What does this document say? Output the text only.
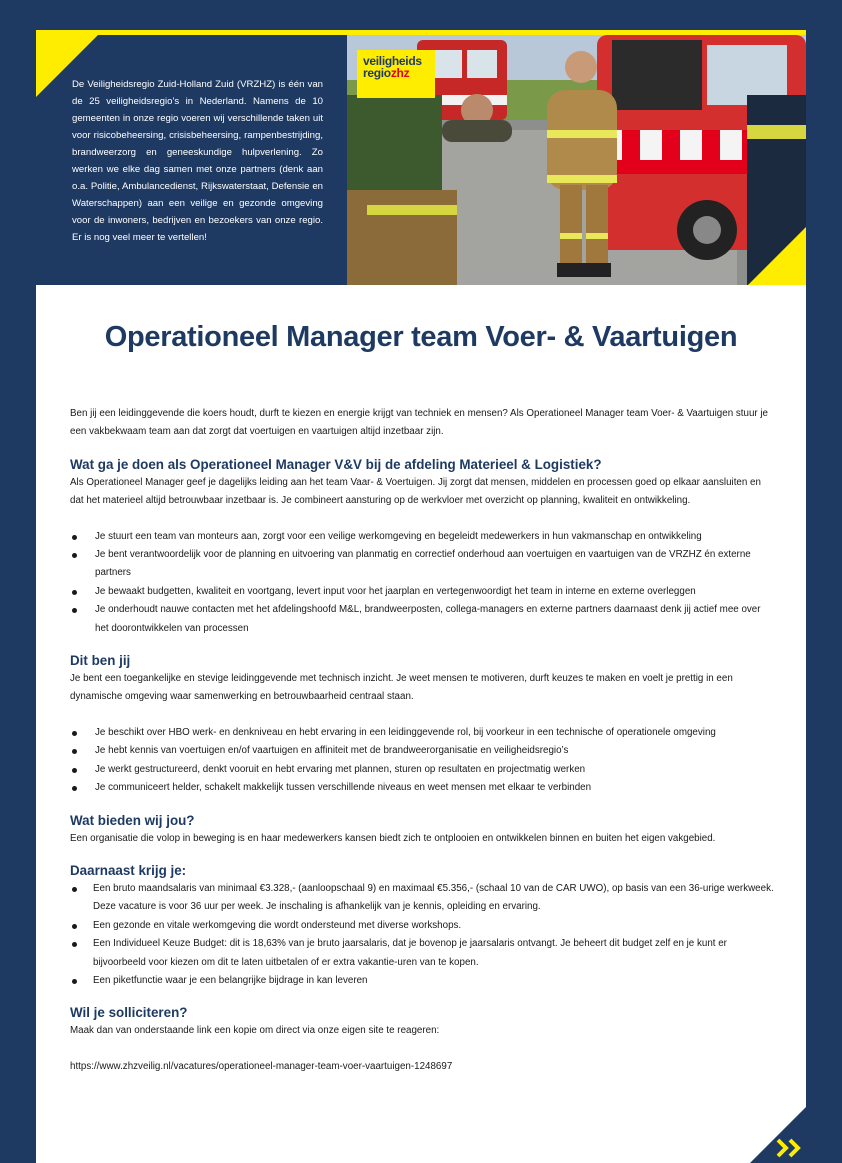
De Veiligheidsregio Zuid-Holland Zuid (VRZHZ) is één van de 25 veiligheidsregio’s in Nederland. Namens de 10 gemeenten in onze regio voeren wij verschillende taken uit voor risicobeheersing, crisisbeheersing, rampenbestrijding, brandweerzorg en geneeskundige hulpverlening. Zo werken we elke dag samen met onze partners (denk aan o.a. Politie, Ambulancedienst, Rijkswaterstaat, Defensie en Waterschappen) aan een veilige en gezonde omgeving voor de inwoners, bedrijven en bezoekers van onze regio. Er is nog veel meer te vertellen!

veiligheids
regiozhz
Operationeel Manager team Voer- & Vaartuigen

Ben jij een leidinggevende die koers houdt, durft te kiezen en energie krijgt van techniek en mensen? Als Operationeel Manager team Voer- & Vaartuigen stuur je een vakbekwaam team aan dat zorgt dat voertuigen en vaartuigen altijd inzetbaar zijn.

Wat ga je doen als Operationeel Manager V&V bij de afdeling Materieel & Logistiek?

Als Operationeel Manager geef je dagelijks leiding aan het team Vaar- & Voertuigen. Jij zorgt dat mensen, middelen en processen goed op elkaar aansluiten en dat het materieel altijd betrouwbaar inzetbaar is. Je combineert aansturing op de werkvloer met overzicht op planning, kwaliteit en ontwikkeling.

Je stuurt een team van monteurs aan, zorgt voor een veilige werkomgeving en begeleidt medewerkers in hun vakmanschap en ontwikkeling
Je bent verantwoordelijk voor de planning en uitvoering van planmatig en correctief onderhoud aan voertuigen en vaartuigen van de VRZHZ én externe partners
Je bewaakt budgetten, kwaliteit en voortgang, levert input voor het jaarplan en vertegenwoordigt het team in interne en externe overleggen
Je onderhoudt nauwe contacten met het afdelingshoofd M&L, brandweerposten, collega-managers en externe partners daarnaast denk jij actief mee over het doorontwikkelen van processen
Dit ben jij

Je bent een toegankelijke en stevige leidinggevende met technisch inzicht. Je weet mensen te motiveren, durft keuzes te maken en voelt je prettig in een dynamische omgeving waar samenwerking en betrouwbaarheid centraal staan.

Je beschikt over HBO werk- en denkniveau en hebt ervaring in een leidinggevende rol, bij voorkeur in een technische of operationele omgeving
Je hebt kennis van voertuigen en/of vaartuigen en affiniteit met de brandweerorganisatie en veiligheidsregio’s
Je werkt gestructureerd, denkt vooruit en hebt ervaring met plannen, sturen op resultaten en projectmatig werken
Je communiceert helder, schakelt makkelijk tussen verschillende niveaus en weet mensen met elkaar te verbinden
Wat bieden wij jou?

Een organisatie die volop in beweging is en haar medewerkers kansen biedt zich te ontplooien en ontwikkelen binnen en buiten het eigen vakgebied.

Daarnaast krijg je:
Een bruto maandsalaris van minimaal €3.328,- (aanloopschaal 9) en maximaal €5.356,- (schaal 10 van de CAR UWO), op basis van een 36-urige werkweek. Deze vacature is voor 36 uur per week. Je inschaling is afhankelijk van je kennis, opleiding en ervaring.
Een gezonde en vitale werkomgeving die wordt ondersteund met diverse workshops.
Een Individueel Keuze Budget: dit is 18,63% van je bruto jaarsalaris, dat je bovenop je jaarsalaris ontvangt. Je beheert dit budget zelf en je kunt er bijvoorbeeld voor kiezen om dit te laten uitbetalen of er extra vakantie-uren van te kopen.
Een piketfunctie waar je een belangrijke bijdrage in kan leveren
Wil je solliciteren?

Maak dan van onderstaande link een kopie om direct via onze eigen site te reageren:

https://www.zhzveilig.nl/vacatures/operationeel-manager-team-voer-vaartuigen-1248697
